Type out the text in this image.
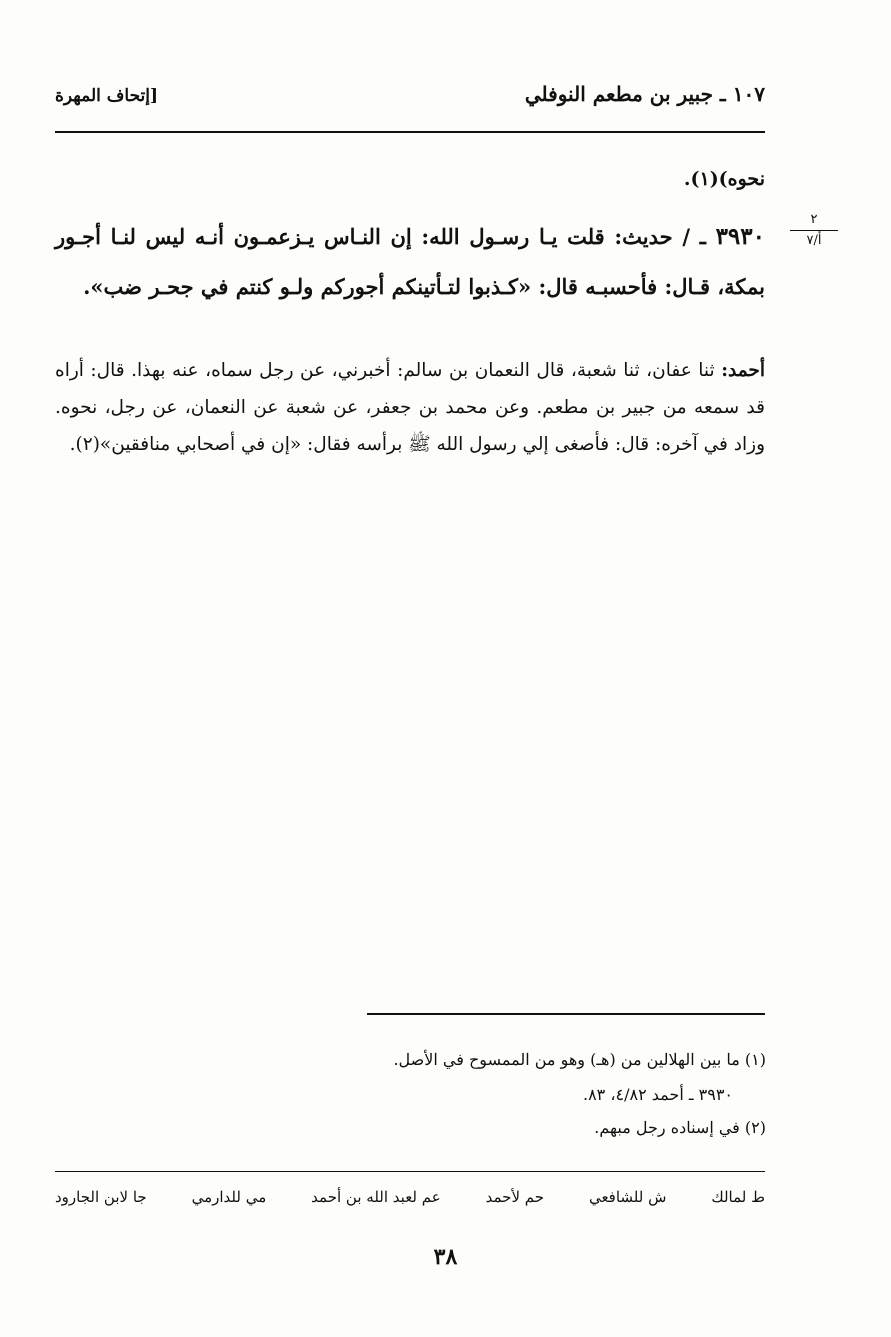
١٠٧ ـ جبير بن مطعم النوفلي
[إتحاف المهرة
٢
أ/٧
نحوه)(١).
٣٩٣٠ ـ / حديث: قلت يـا رسـول الله: إن النـاس يـزعمـون أنـه ليس لنـا أجـور بمكة، قـال: فأحسبـه قال: «كـذبوا لتـأتينكم أجوركم ولـو كنتم في جحـر ضب».
أحمد: ثنا عفان، ثنا شعبة، قال النعمان بن سالم: أخبرني، عن رجل سماه، عنه بهذا. قال: أراه قد سمعه من جبير بن مطعم. وعن محمد بن جعفر، عن شعبة عن النعمان، عن رجل، نحوه. وزاد في آخره: قال: فأصغى إلي رسول الله ﷺ برأسه فقال: «إن في أصحابي منافقين»(٢).
(١) ما بين الهلالين من (هـ) وهو من الممسوح في الأصل.
٣٩٣٠ ـ أحمد ٤/٨٢، ٨٣.
(٢) في إسناده رجل مبهم.
ط لمالك
ش للشافعي
حم لأحمد
عم لعبد الله بن أحمد
مي للدارمي
جا لابن الجارود
٣٨
